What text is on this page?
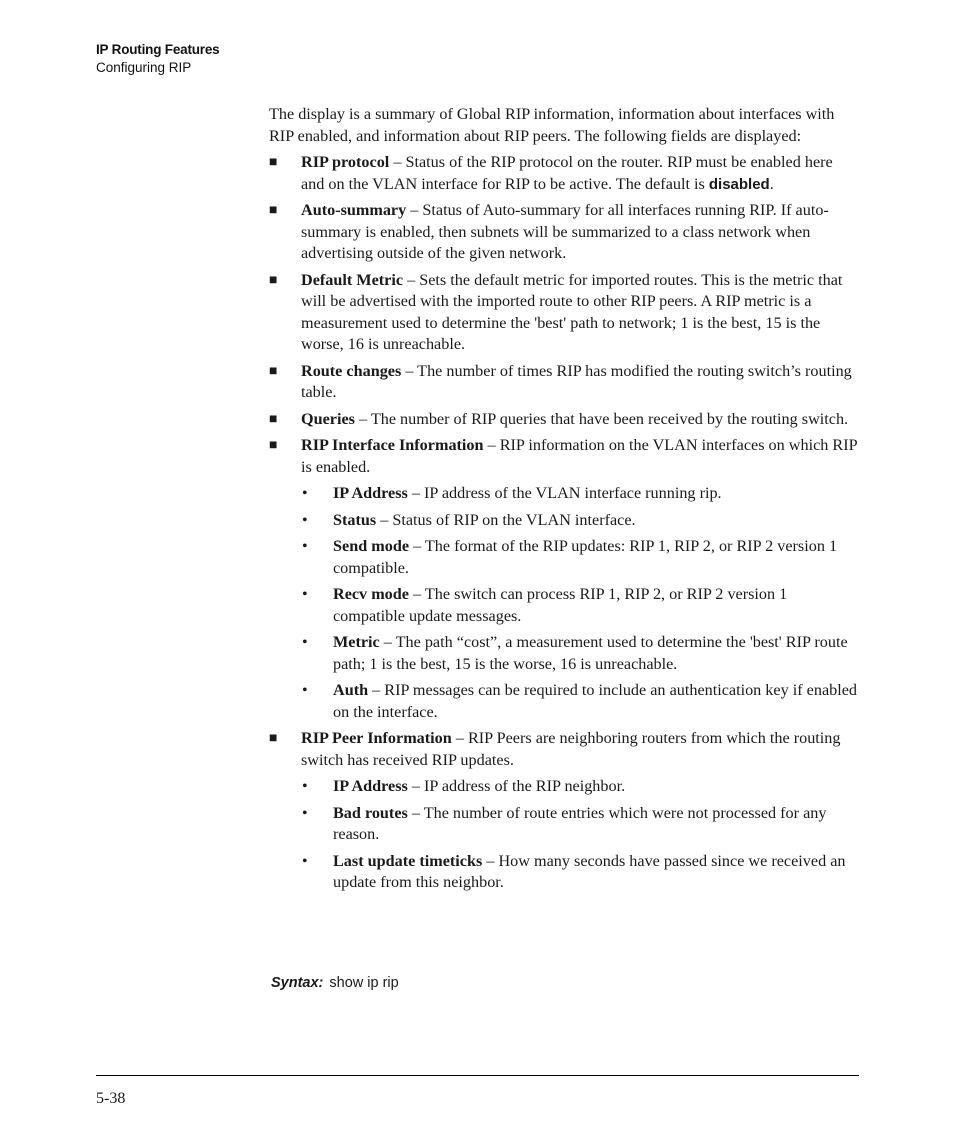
IP Routing Features
Configuring RIP

The display is a summary of Global RIP information, information about interfaces with RIP enabled, and information about RIP peers. The following fields are displayed:

■ RIP protocol – Status of the RIP protocol on the router. RIP must be enabled here and on the VLAN interface for RIP to be active. The default is disabled.
■ Auto-summary – Status of Auto-summary for all interfaces running RIP. If auto-summary is enabled, then subnets will be summarized to a class network when advertising outside of the given network.
■ Default Metric – Sets the default metric for imported routes. This is the metric that will be advertised with the imported route to other RIP peers. A RIP metric is a measurement used to determine the 'best' path to network; 1 is the best, 15 is the worse, 16 is unreachable.
■ Route changes – The number of times RIP has modified the routing switch’s routing table.
■ Queries – The number of RIP queries that have been received by the routing switch.
■ RIP Interface Information – RIP information on the VLAN interfaces on which RIP is enabled.
• IP Address – IP address of the VLAN interface running rip.
• Status – Status of RIP on the VLAN interface.
• Send mode – The format of the RIP updates: RIP 1, RIP 2, or RIP 2 version 1 compatible.
• Recv mode – The switch can process RIP 1, RIP 2, or RIP 2 version 1 compatible update messages.
• Metric – The path “cost”, a measurement used to determine the 'best' RIP route path; 1 is the best, 15 is the worse, 16 is unreachable.
• Auth – RIP messages can be required to include an authentication key if enabled on the interface.
■ RIP Peer Information – RIP Peers are neighboring routers from which the routing switch has received RIP updates.
• IP Address – IP address of the RIP neighbor.
• Bad routes – The number of route entries which were not processed for any reason.
• Last update timeticks – How many seconds have passed since we received an update from this neighbor.
Syntax: show ip rip
5-38
